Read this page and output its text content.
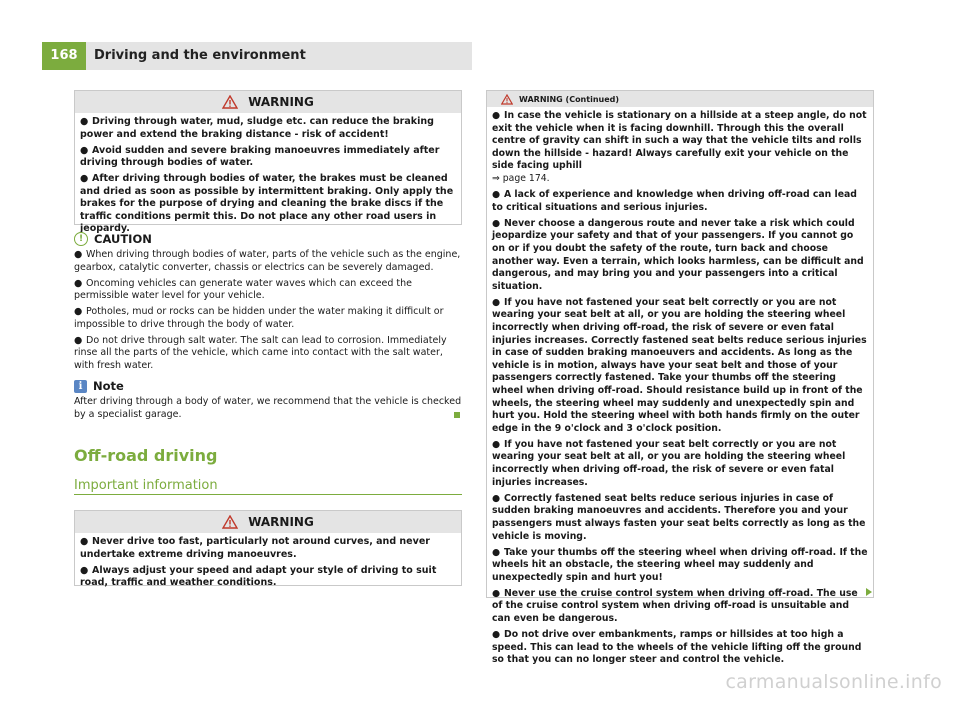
168	Driving and the environment
WARNING

● Driving through water, mud, sludge etc. can reduce the braking power and extend the braking distance - risk of accident!

● Avoid sudden and severe braking manoeuvres immediately after driving through bodies of water.

● After driving through bodies of water, the brakes must be cleaned and dried as soon as possible by intermittent braking. Only apply the brakes for the purpose of drying and cleaning the brake discs if the traffic conditions permit this. Do not place any other road users in jeopardy.

! CAUTION

● When driving through bodies of water, parts of the vehicle such as the engine, gearbox, catalytic converter, chassis or electrics can be severely damaged.

● Oncoming vehicles can generate water waves which can exceed the permissible water level for your vehicle.

● Potholes, mud or rocks can be hidden under the water making it difficult or impossible to drive through the body of water.

● Do not drive through salt water. The salt can lead to corrosion. Immediately rinse all the parts of the vehicle, which came into contact with the salt water, with fresh water.

i Note

After driving through a body of water, we recommend that the vehicle is checked by a specialist garage.

Off-road driving
Important information
WARNING

● Never drive too fast, particularly not around curves, and never undertake extreme driving manoeuvres.

● Always adjust your speed and adapt your style of driving to suit road, traffic and weather conditions.

WARNING (Continued)

● In case the vehicle is stationary on a hillside at a steep angle, do not exit the vehicle when it is facing downhill. Through this the overall centre of gravity can shift in such a way that the vehicle tilts and rolls down the hillside - hazard! Always carefully exit your vehicle on the side facing uphill
⇒ page 174.

● A lack of experience and knowledge when driving off-road can lead to critical situations and serious injuries.

● Never choose a dangerous route and never take a risk which could jeopardize your safety and that of your passengers. If you cannot go on or if you doubt the safety of the route, turn back and choose another way. Even a terrain, which looks harmless, can be difficult and dangerous, and may bring you and your passengers into a critical situation.

● If you have not fastened your seat belt correctly or you are not wearing your seat belt at all, or you are holding the steering wheel incorrectly when driving off-road, the risk of severe or even fatal injuries increases. Correctly fastened seat belts reduce serious injuries in case of sudden braking manoeuvers and accidents. As long as the vehicle is in motion, always have your seat belt and those of your passengers correctly fastened. Take your thumbs off the steering wheel when driving off-road. Should resistance build up in front of the wheels, the steering wheel may suddenly and unexpectedly spin and hurt you. Hold the steering wheel with both hands firmly on the outer edge in the 9 o'clock and 3 o'clock position.

● If you have not fastened your seat belt correctly or you are not wearing your seat belt at all, or you are holding the steering wheel incorrectly when driving off-road, the risk of severe or even fatal injuries increases.

● Correctly fastened seat belts reduce serious injuries in case of sudden braking manoeuvres and accidents. Therefore you and your passengers must always fasten your seat belts correctly as long as the vehicle is moving.

● Take your thumbs off the steering wheel when driving off-road. If the wheels hit an obstacle, the steering wheel may suddenly and unexpectedly spin and hurt you!

● Never use the cruise control system when driving off-road. The use of the cruise control system when driving off-road is unsuitable and can even be dangerous.

● Do not drive over embankments, ramps or hillsides at too high a speed. This can lead to the wheels of the vehicle lifting off the ground so that you can no longer steer and control the vehicle.

carmanualsonline.info
